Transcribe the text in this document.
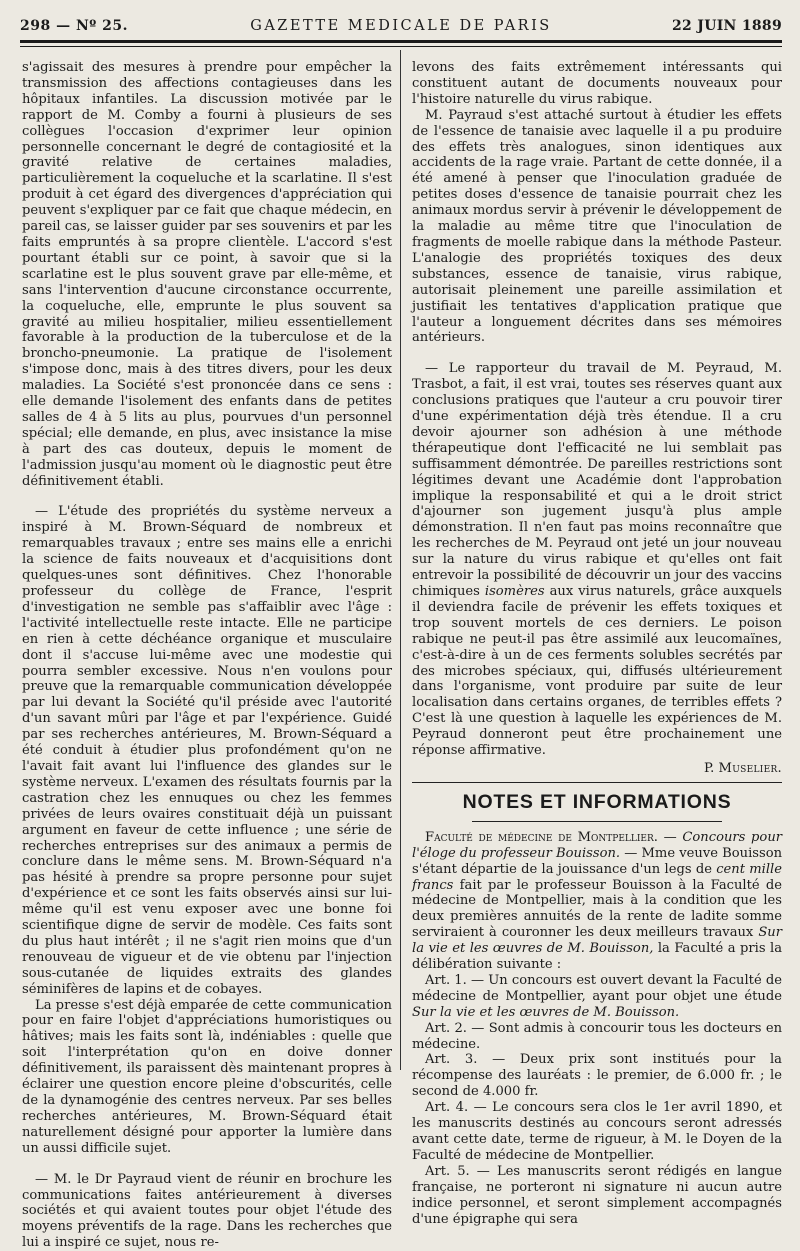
298 — Nº 25.	GAZETTE MEDICALE DE PARIS	22 JUIN 1889

s'agissait des mesures à prendre pour empêcher la transmission des affections contagieuses dans les hôpitaux infantiles. La discussion motivée par le rapport de M. Comby a fourni à plusieurs de ses collègues l'occasion d'exprimer leur opinion personnelle concernant le degré de contagiosité et la gravité relative de certaines maladies, particulièrement la coqueluche et la scarlatine. Il s'est produit à cet égard des divergences d'appréciation qui peuvent s'expliquer par ce fait que chaque médecin, en pareil cas, se laisser guider par ses souvenirs et par les faits empruntés à sa propre clientèle. L'accord s'est pourtant établi sur ce point, à savoir que si la scarlatine est le plus souvent grave par elle-même, et sans l'intervention d'aucune circonstance occurrente, la coqueluche, elle, emprunte le plus souvent sa gravité au milieu hospitalier, milieu essentiellement favorable à la production de la tuberculose et de la broncho-pneumonie. La pratique de l'isolement s'impose donc, mais à des titres divers, pour les deux maladies. La Société s'est prononcée dans ce sens : elle demande l'isolement des enfants dans de petites salles de 4 à 5 lits au plus, pourvues d'un personnel spécial; elle demande, en plus, avec insistance la mise à part des cas douteux, depuis le moment de l'admission jusqu'au moment où le diagnostic peut être définitivement établi.

— L'étude des propriétés du système nerveux a inspiré à M. Brown-Séquard de nombreux et remarquables travaux ; entre ses mains elle a enrichi la science de faits nouveaux et d'acquisitions dont quelques-unes sont définitives. Chez l'honorable professeur du collège de France, l'esprit d'investigation ne semble pas s'affaiblir avec l'âge : l'activité intellectuelle reste intacte. Elle ne participe en rien à cette déchéance organique et musculaire dont il s'accuse lui-même avec une modestie qui pourra sembler excessive. Nous n'en voulons pour preuve que la remarquable communication développée par lui devant la Société qu'il préside avec l'autorité d'un savant mûri par l'âge et par l'expérience. Guidé par ses recherches antérieures, M. Brown-Séquard a été conduit à étudier plus profondément qu'on ne l'avait fait avant lui l'influence des glandes sur le système nerveux. L'examen des résultats fournis par la castration chez les ennuques ou chez les femmes privées de leurs ovaires constituait déjà un puissant argument en faveur de cette influence ; une série de recherches entreprises sur des animaux a permis de conclure dans le même sens. M. Brown-Séquard n'a pas hésité à prendre sa propre personne pour sujet d'expérience et ce sont les faits observés ainsi sur lui-même qu'il est venu exposer avec une bonne foi scientifique digne de servir de modèle. Ces faits sont du plus haut intérêt ; il ne s'agit rien moins que d'un renouveau de vigueur et de vie obtenu par l'injection sous-cutanée de liquides extraits des glandes séminifères de lapins et de cobayes.

La presse s'est déjà emparée de cette communication pour en faire l'objet d'appréciations humoristiques ou hâtives; mais les faits sont là, indéniables : quelle que soit l'interprétation qu'on en doive donner définitivement, ils paraissent dès maintenant propres à éclairer une question encore pleine d'obscurités, celle de la dynamogénie des centres nerveux. Par ses belles recherches antérieures, M. Brown-Séquard était naturellement désigné pour apporter la lumière dans un aussi difficile sujet.

— M. le Dr Payraud vient de réunir en brochure les communications faites antérieurement à diverses sociétés et qui avaient toutes pour objet l'étude des moyens préventifs de la rage. Dans les recherches que lui a inspiré ce sujet, nous re-

levons des faits extrêmement intéressants qui constituent autant de documents nouveaux pour l'histoire naturelle du virus rabique.

M. Payraud s'est attaché surtout à étudier les effets de l'essence de tanaisie avec laquelle il a pu produire des effets très analogues, sinon identiques aux accidents de la rage vraie. Partant de cette donnée, il a été amené à penser que l'inoculation graduée de petites doses d'essence de tanaisie pourrait chez les animaux mordus servir à prévenir le développement de la maladie au même titre que l'inoculation de fragments de moelle rabique dans la méthode Pasteur. L'analogie des propriétés toxiques des deux substances, essence de tanaisie, virus rabique, autorisait pleinement une pareille assimilation et justifiait les tentatives d'application pratique que l'auteur a longuement décrites dans ses mémoires antérieurs.

— Le rapporteur du travail de M. Peyraud, M. Trasbot, a fait, il est vrai, toutes ses réserves quant aux conclusions pratiques que l'auteur a cru pouvoir tirer d'une expérimentation déjà très étendue. Il a cru devoir ajourner son adhésion à une méthode thérapeutique dont l'efficacité ne lui semblait pas suffisamment démontrée. De pareilles restrictions sont légitimes devant une Académie dont l'approbation implique la responsabilité et qui a le droit strict d'ajourner son jugement jusqu'à plus ample démonstration. Il n'en faut pas moins reconnaître que les recherches de M. Peyraud ont jeté un jour nouveau sur la nature du virus rabique et qu'elles ont fait entrevoir la possibilité de découvrir un jour des vaccins chimiques isomères aux virus naturels, grâce auxquels il deviendra facile de prévenir les effets toxiques et trop souvent mortels de ces derniers. Le poison rabique ne peut-il pas être assimilé aux leucomaïnes, c'est-à-dire à un de ces ferments solubles secrétés par des microbes spéciaux, qui, diffusés ultérieurement dans l'organisme, vont produire par suite de leur localisation dans certains organes, de terribles effets ? C'est là une question à laquelle les expériences de M. Peyraud donneront peut être prochainement une réponse affirmative.

P. Muselier.
NOTES ET INFORMATIONS

Faculté de médecine de Montpellier. — Concours pour l'éloge du professeur Bouisson. — Mme veuve Bouisson s'étant départie de la jouissance d'un legs de cent mille francs fait par le professeur Bouisson à la Faculté de médecine de Montpellier, mais à la condition que les deux premières annuités de la rente de ladite somme serviraient à couronner les deux meilleurs travaux Sur la vie et les œuvres de M. Bouisson, la Faculté a pris la délibération suivante :

Art. 1. — Un concours est ouvert devant la Faculté de médecine de Montpellier, ayant pour objet une étude Sur la vie et les œuvres de M. Bouisson.

Art. 2. — Sont admis à concourir tous les docteurs en médecine.

Art. 3. — Deux prix sont institués pour la récompense des lauréats : le premier, de 6.000 fr. ; le second de 4.000 fr.

Art. 4. — Le concours sera clos le 1er avril 1890, et les manuscrits destinés au concours seront adressés avant cette date, terme de rigueur, à M. le Doyen de la Faculté de médecine de Montpellier.

Art. 5. — Les manuscrits seront rédigés en langue française, ne porteront ni signature ni aucun autre indice personnel, et seront simplement accompagnés d'une épigraphe qui sera
